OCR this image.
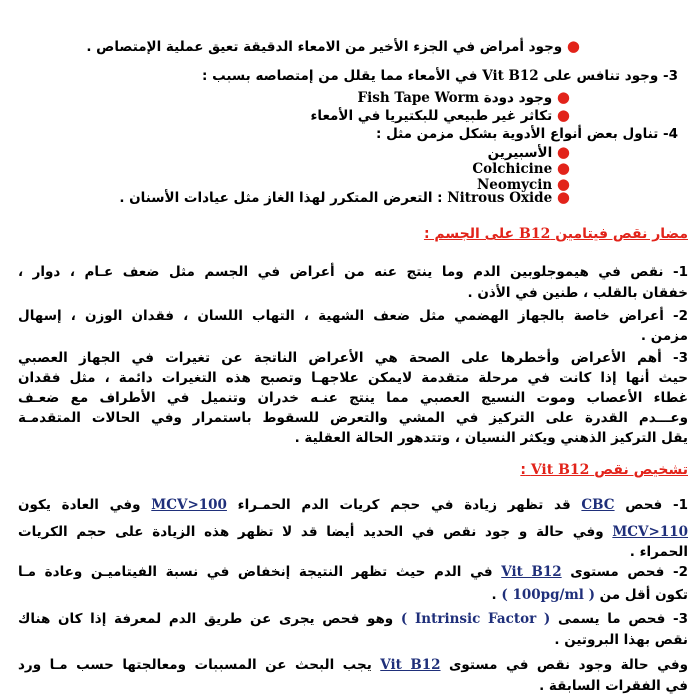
● وجود أمراض في الجزء الأخير من الامعاء الدقيقة تعيق عملية الإمتصاص .
3- وجود تنافس على Vit B12 في الأمعاء مما يقلل من إمتصاصه بسبب :
● وجود دودة Fish Tape Worm
● تكاثر غير طبيعي للبكتيريا في الأمعاء
4- تناول بعض أنواع الأدوية بشكل مزمن مثل :
● الأسبيرين
● Colchicine
● Neomycin
● Nitrous Oxide : التعرض المتكرر لهذا الغاز مثل عيادات الأسنان .
مضار نقص فيتامين B12 على الجسم :
1- نقص في هيموجلوبين الدم وما ينتج عنه من أعراض في الجسم مثل ضعف عـام ، دوار ،
خفقان بالقلب ، طنين في الأذن .
2- أعراض خاصة بالجهاز الهضمي مثل ضعف الشهية ، التهاب اللسان ، فقدان الوزن ، إسهال
مزمن .
3- أهم الأعراض وأخطرها على الصحة هي الأعراض الناتجة عن تغيرات في الجهاز العصبي
حيث أنها إذا كانت في مرحلة متقدمة لايمكن علاجهـا وتصبح هذه التغيرات دائمة ، مثل فقدان
غطاء الأعصاب وموت النسيج العصبي مما ينتج عنـه خدران وتنميل في الأطراف مع ضعـف
وعـــدم القدرة على التركيز في المشي والتعرض للسقوط باستمرار وفي الحالات المتقدمـة
يقل التركيز الذهني ويكثر النسيان ، وتتدهور الحالة العقلية .
تشخيص نقص Vit B12 :
1- فحص CBC قد تظهر زيادة في حجم كريات الدم الحمـراء MCV>100 وفي العادة يكون
MCV>110 وفي حالة و جود نقص في الحديد أيضا قد لا تظهر هذه الزيادة على حجم الكريات
الحمراء .
2- فحص مستوى Vit B12 في الدم حيث تظهر النتيجة إنخفاض في نسبة الفيتاميـن وعادة مـا
تكون أقل من ( 100pg/ml ) .
3- فحص ما يسمى ( Intrinsic Factor ) وهو فحص يجرى عن طريق الدم لمعرفة إذا كان هناك
نقص بهذا البروتين .
وفي حالة وجود نقص في مستوى Vit B12 يجب البحث عن المسببات ومعالجتها حسب مـا ورد
في الفقرات السابقة .
